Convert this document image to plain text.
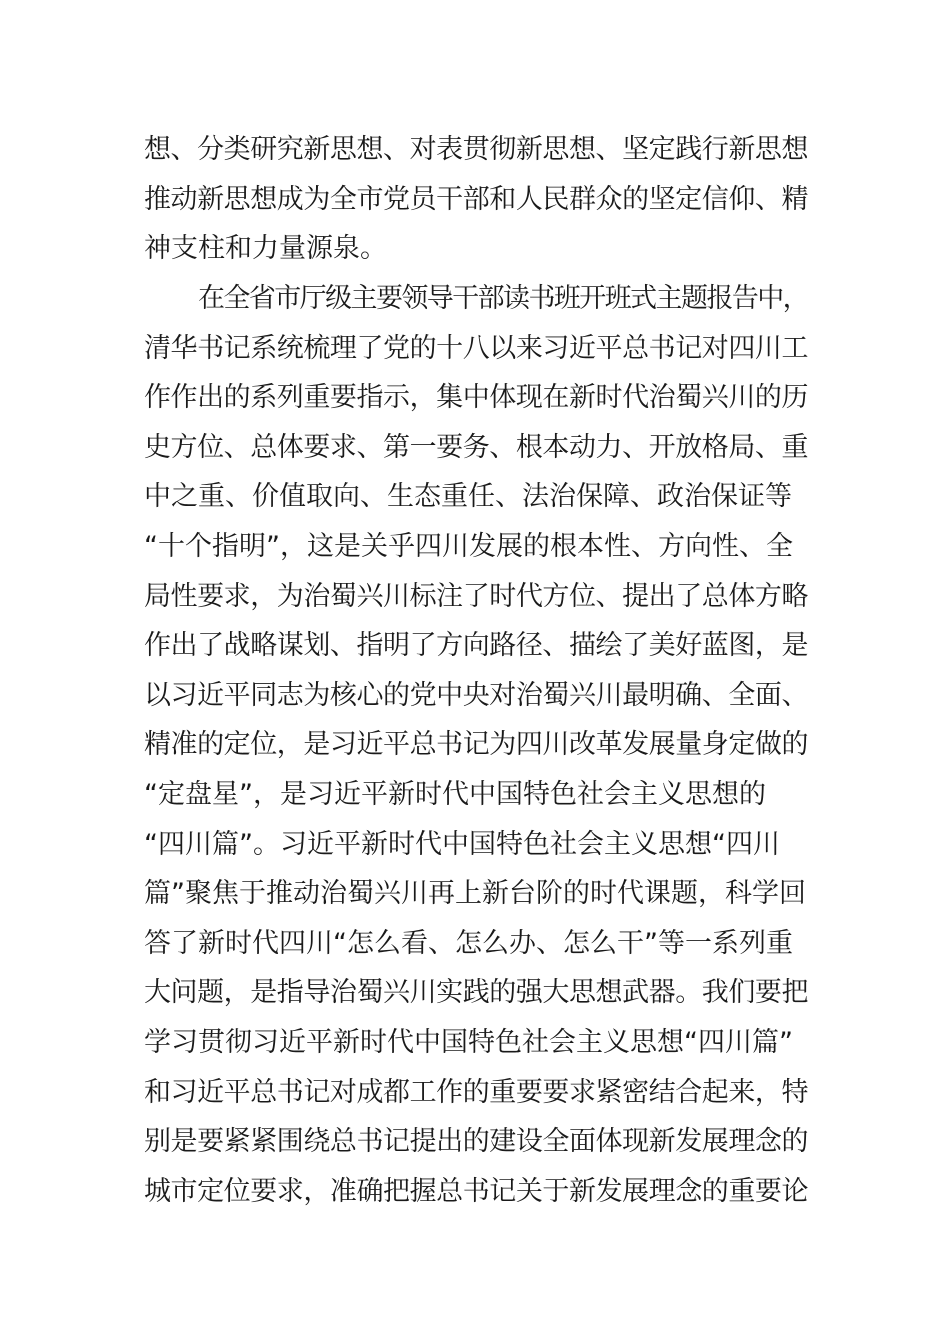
想、分类研究新思想、对表贯彻新思想、坚定践行新思想
推动新思想成为全市党员干部和人民群众的坚定信仰、精
神支柱和力量源泉。
在全省市厅级主要领导干部读书班开班式主题报告中，
清华书记系统梳理了党的十八以来习近平总书记对四川工
作作出的系列重要指示，集中体现在新时代治蜀兴川的历
史方位、总体要求、第一要务、根本动力、开放格局、重
中之重、价值取向、生态重任、法治保障、政治保证等
“十个指明”，这是关乎四川发展的根本性、方向性、全
局性要求，为治蜀兴川标注了时代方位、提出了总体方略
作出了战略谋划、指明了方向路径、描绘了美好蓝图，是
以习近平同志为核心的党中央对治蜀兴川最明确、全面、
精准的定位，是习近平总书记为四川改革发展量身定做的
“定盘星”，是习近平新时代中国特色社会主义思想的
“四川篇”。习近平新时代中国特色社会主义思想“四川
篇”聚焦于推动治蜀兴川再上新台阶的时代课题，科学回
答了新时代四川“怎么看、怎么办、怎么干”等一系列重
大问题，是指导治蜀兴川实践的强大思想武器。我们要把
学习贯彻习近平新时代中国特色社会主义思想“四川篇”
和习近平总书记对成都工作的重要要求紧密结合起来，特
别是要紧紧围绕总书记提出的建设全面体现新发展理念的
城市定位要求，准确把握总书记关于新发展理念的重要论
